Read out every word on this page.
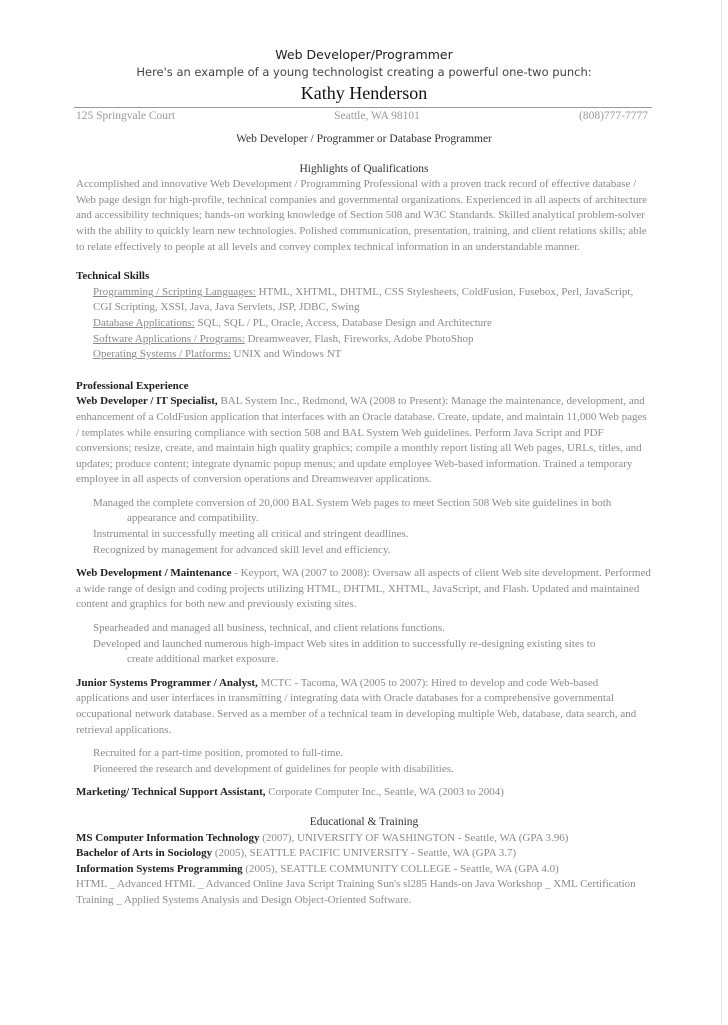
Web Developer/Programmer
Here's an example of a young technologist creating a powerful one-two punch:
Kathy Henderson
125 Springvale Court	Seattle, WA 98101	(808)777-7777
Web Developer / Programmer or Database Programmer
Highlights of Qualifications
Accomplished and innovative Web Development / Programming Professional with a proven track record of effective database / Web page design for high-profile, technical companies and governmental organizations. Experienced in all aspects of architecture and accessibility techniques; hands-on working knowledge of Section 508 and W3C Standards. Skilled analytical problem-solver with the ability to quickly learn new technologies. Polished communication, presentation, training, and client relations skills; able to relate effectively to people at all levels and convey complex technical information in an understandable manner.
Technical Skills
Programming / Scripting Languages: HTML, XHTML, DHTML, CSS Stylesheets, ColdFusion, Fusebox, Perl, JavaScript, CGI Scripting, XSSI, Java, Java Servlets, JSP, JDBC, Swing
Database Applications: SQL, SQL / PL, Oracle, Access, Database Design and Architecture
Software Applications / Programs: Dreamweaver, Flash, Fireworks, Adobe PhotoShop
Operating Systems / Platforms: UNIX and Windows NT
Professional Experience
Web Developer / IT Specialist, BAL System Inc., Redmond, WA (2008 to Present): Manage the maintenance, development, and enhancement of a ColdFusion application that interfaces with an Oracle database. Create, update, and maintain 11,000 Web pages / templates while ensuring compliance with section 508 and BAL System Web guidelines. Perform Java Script and PDF conversions; resize, create, and maintain high quality graphics; compile a monthly report listing all Web pages, URLs, titles, and updates; produce content; integrate dynamic popup menus; and update employee Web-based information. Trained a temporary employee in all aspects of conversion operations and Dreamweaver applications.
Managed the complete conversion of 20,000 BAL System Web pages to meet Section 508 Web site guidelines in both
appearance and compatibility.
Instrumental in successfully meeting all critical and stringent deadlines.
Recognized by management for advanced skill level and efficiency.
Web Development / Maintenance - Keyport, WA (2007 to 2008): Oversaw all aspects of client Web site development. Performed a wide range of design and coding projects utilizing HTML, DHTML, XHTML, JavaScript, and Flash. Updated and maintained content and graphics for both new and previously existing sites.
Spearheaded and managed all business, technical, and client relations functions.
Developed and launched numerous high-impact Web sites in addition to successfully re-designing existing sites to
create additional market exposure.
Junior Systems Programmer / Analyst, MCTC - Tacoma, WA (2005 to 2007): Hired to develop and code Web-based applications and user interfaces in transmitting / integrating data with Oracle databases for a comprehensive governmental occupational network database. Served as a member of a technical team in developing multiple Web, database, data search, and retrieval applications.
Recruited for a part-time position, promoted to full-time.
Pioneered the research and development of guidelines for people with disabilities.
Marketing/ Technical Support Assistant, Corporate Computer Inc., Seattle, WA (2003 to 2004)
Educational & Training
MS Computer Information Technology (2007), UNIVERSITY OF WASHINGTON - Seattle, WA (GPA 3.96)
Bachelor of Arts in Sociology (2005), SEATTLE PACIFIC UNIVERSITY - Seattle, WA (GPA 3.7)
Information Systems Programming (2005), SEATTLE COMMUNITY COLLEGE - Seattle, WA (GPA 4.0)
HTML _ Advanced HTML _ Advanced Online Java Script Training Sun's sl285 Hands-on Java Workshop _ XML Certification Training _ Applied Systems Analysis and Design Object-Oriented Software.
